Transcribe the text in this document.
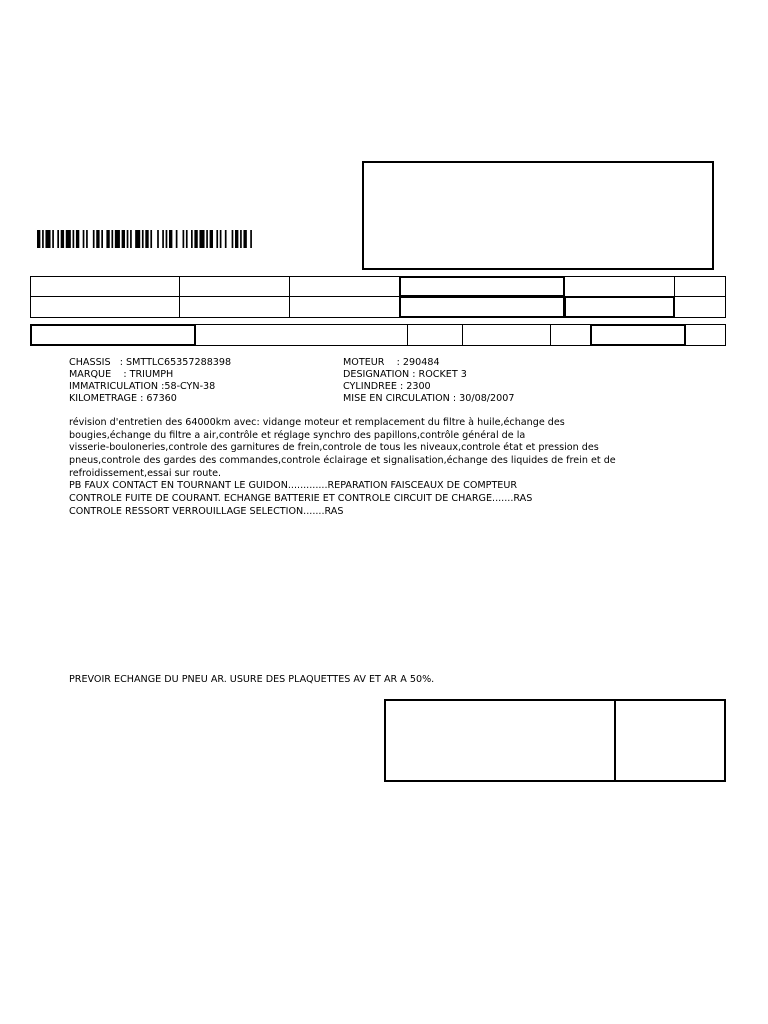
CHASSIS   : SMTTLC65357288398
MARQUE    : TRIUMPH
IMMATRICULATION :58-CYN-38
KILOMETRAGE : 67360
MOTEUR    : 290484
DESIGNATION : ROCKET 3
CYLINDREE : 2300
MISE EN CIRCULATION : 30/08/2007
révision d'entretien des 64000km avec: vidange moteur et remplacement du filtre à huile,échange des
bougies,échange du filtre a air,contrôle et réglage synchro des papillons,contrôle général de la
visserie-bouloneries,controle des garnitures de frein,controle de tous les niveaux,controle état et pression des
pneus,controle des gardes des commandes,controle éclairage et signalisation,échange des liquides de frein et de
refroidissement,essai sur route.
PB FAUX CONTACT EN TOURNANT LE GUIDON.............REPARATION FAISCEAUX DE COMPTEUR
CONTROLE FUITE DE COURANT. ECHANGE BATTERIE ET CONTROLE CIRCUIT DE CHARGE.......RAS
CONTROLE RESSORT VERROUILLAGE SELECTION.......RAS
PREVOIR ECHANGE DU PNEU AR. USURE DES PLAQUETTES AV ET AR A 50%.
